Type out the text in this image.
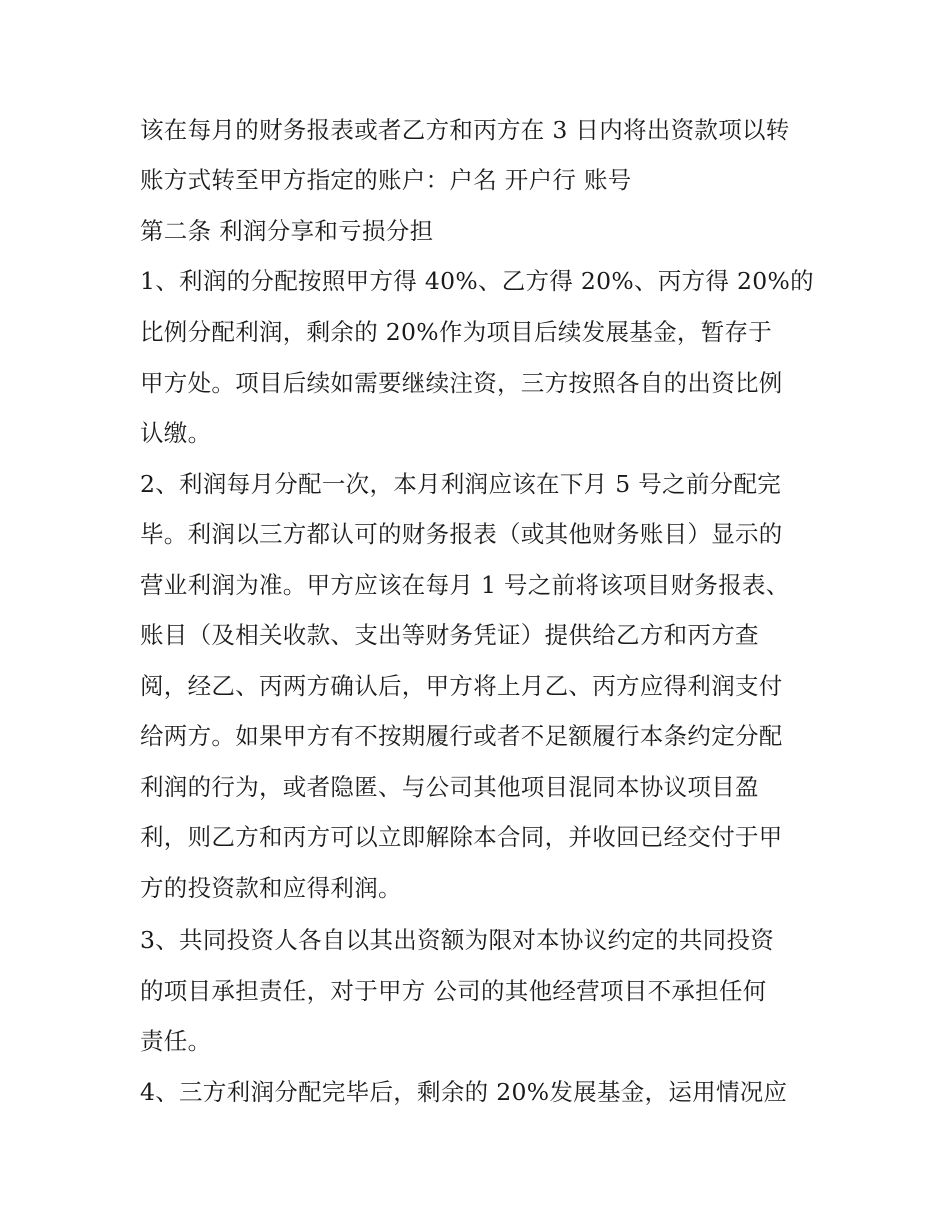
该在每月的财务报表或者乙方和丙方在 3 日内将出资款项以转
账方式转至甲方指定的账户：户名 开户行 账号
第二条 利润分享和亏损分担
1、利润的分配按照甲方得 40%、乙方得 20%、丙方得 20%的
比例分配利润，剩余的 20%作为项目后续发展基金，暂存于
甲方处。项目后续如需要继续注资，三方按照各自的出资比例
认缴。
2、利润每月分配一次，本月利润应该在下月 5 号之前分配完
毕。利润以三方都认可的财务报表（或其他财务账目）显示的
营业利润为准。甲方应该在每月 1 号之前将该项目财务报表、
账目（及相关收款、支出等财务凭证）提供给乙方和丙方查
阅，经乙、丙两方确认后，甲方将上月乙、丙方应得利润支付
给两方。如果甲方有不按期履行或者不足额履行本条约定分配
利润的行为，或者隐匿、与公司其他项目混同本协议项目盈
利，则乙方和丙方可以立即解除本合同，并收回已经交付于甲
方的投资款和应得利润。
3、共同投资人各自以其出资额为限对本协议约定的共同投资
的项目承担责任，对于甲方 公司的其他经营项目不承担任何
责任。
4、三方利润分配完毕后，剩余的 20%发展基金，运用情况应
